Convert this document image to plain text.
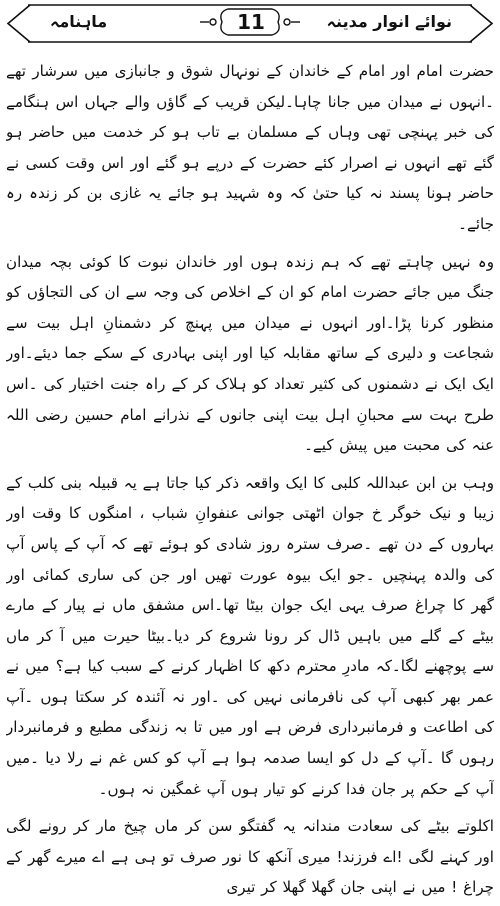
ماہنامہ	11	نوائے انوار مدینہ

حضرت امام اور امام کے خاندان کے نونہال شوق و جانبازی میں سرشار تھے ۔انہوں نے میدان میں جانا چاہا۔لیکن قریب کے گاؤں والے جہاں اس ہنگامے کی خبر پہنچی تھی وہاں کے مسلمان بے تاب ہو کر خدمت میں حاضر ہو گئے تھے انہوں نے اصرار کئے حضرت کے درپے ہو گئے اور اس وقت کسی نے حاضر ہونا پسند نہ کیا حتیٰ کہ وہ شہید ہو جائے یہ غازی بن کر زندہ رہ جائے۔

وہ نہیں چاہتے تھے کہ ہم زندہ ہوں اور خاندان نبوت کا کوئی بچہ میدان جنگ میں جائے حضرت امام کو ان کے اخلاص کی وجہ سے ان کی التجاؤں کو منظور کرنا پڑا۔اور انہوں نے میدان میں پہنچ کر دشمنانِ اہل بیت سے شجاعت و دلیری کے ساتھ مقابلہ کیا اور اپنی بہادری کے سکے جما دیئے۔اور ایک ایک نے دشمنوں کی کثیر تعداد کو ہلاک کر کے راہ جنت اختیار کی ۔اس طرح بہت سے محبانِ اہل بیت اپنی جانوں کے نذرانے امام حسین رضی اللہ عنہ کی محبت میں پیش کیے۔

وہب بن ابن عبداللہ کلبی کا ایک واقعہ ذکر کیا جاتا ہے یہ قبیلہ بنی کلب کے زیبا و نیک خوگر خ جوان اٹھتی جوانی عنفوانِ شباب ، امنگوں کا وقت اور بہاروں کے دن تھے ۔صرف سترہ روز شادی کو ہوئے تھے کہ آپ کے پاس آپ کی والدہ پہنچیں ۔جو ایک بیوہ عورت تھیں اور جن کی ساری کمائی اور گھر کا چراغ صرف یہی ایک جوان بیٹا تھا۔اس مشفق ماں نے پیار کے مارے بیٹے کے گلے میں باہیں ڈال کر رونا شروع کر دیا۔بیٹا حیرت میں آ کر ماں سے پوچھنے لگا۔کہ مادرِ محترم دکھ کا اظہار کرنے کے سبب کیا ہے؟ میں نے عمر بھر کبھی آپ کی نافرمانی نہیں کی ۔اور نہ آئندہ کر سکتا ہوں ۔آپ کی اطاعت و فرمانبرداری فرض ہے اور میں تا بہ زندگی مطیع و فرمانبردار رہوں گا ۔آپ کے دل کو ایسا صدمہ ہوا ہے آپ کو کس غم نے رلا دیا ۔میں آپ کے حکم پر جان فدا کرنے کو تیار ہوں آپ غمگین نہ ہوں۔

اکلوتے بیٹے کی سعادت مندانہ یہ گفتگو سن کر ماں چیخ مار کر رونے لگی اور کہنے لگی !اے فرزند! میری آنکھ کا نور صرف تو ہی ہے اے میرے گھر کے چراغ ! میں نے اپنی جان گھلا گھلا کر تیری
